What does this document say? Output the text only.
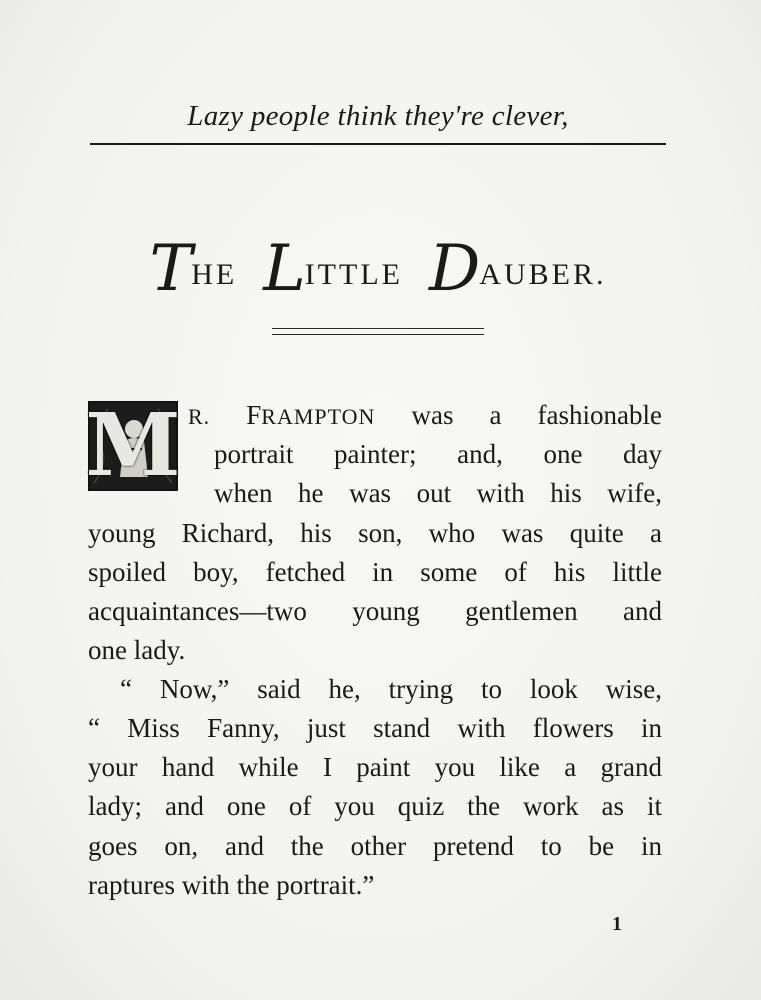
Lazy people think they're clever,
THE LITTLE DAUBER.
M R. FRAMPTON was a fashionable
portrait painter; and, one day
when he was out with his wife,
young Richard, his son, who was quite a
spoiled boy, fetched in some of his little
acquaintances—two young gentlemen and
one lady.
“ Now,” said he, trying to look wise,
“ Miss Fanny, just stand with flowers in
your hand while I paint you like a grand
lady; and one of you quiz the work as it
goes on, and the other pretend to be in
raptures with the portrait.”
1
